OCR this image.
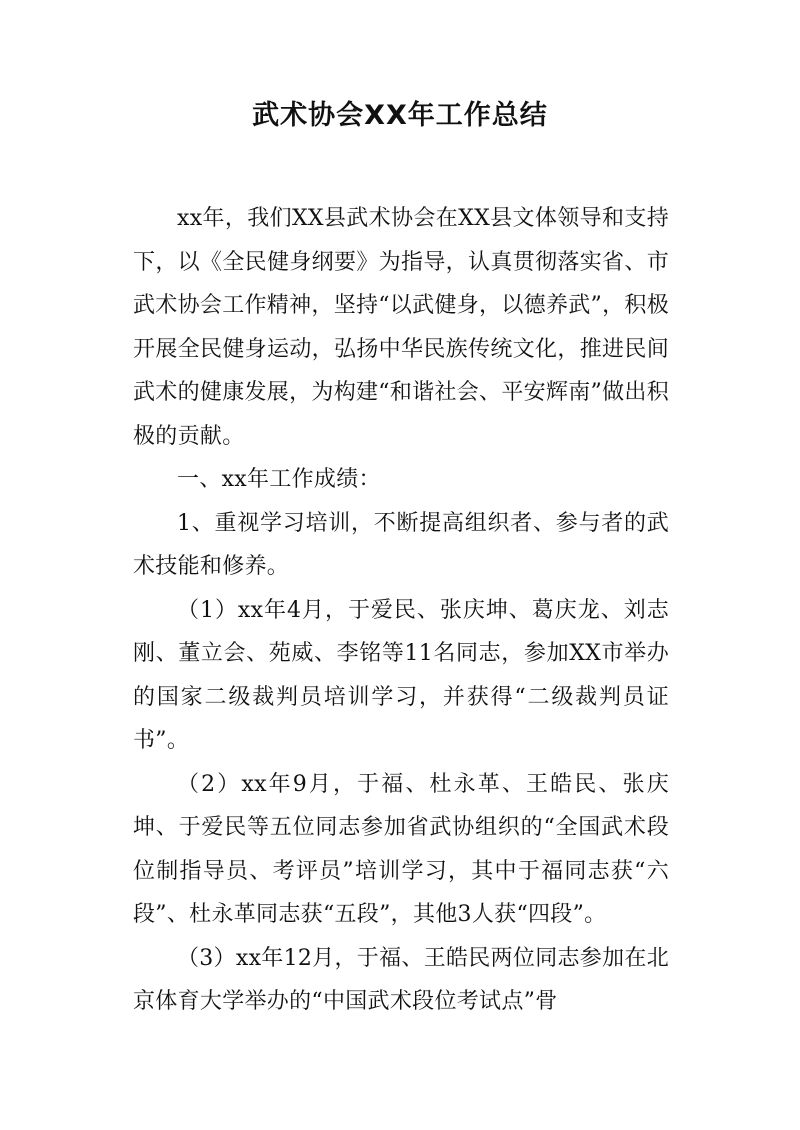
武术协会XX年工作总结

xx年，我们XX县武术协会在XX县文体领导和支持下，以《全民健身纲要》为指导，认真贯彻落实省、市武术协会工作精神，坚持“以武健身，以德养武”，积极开展全民健身运动，弘扬中华民族传统文化，推进民间武术的健康发展，为构建“和谐社会、平安辉南”做出积极的贡献。

一、xx年工作成绩：

1、重视学习培训，不断提高组织者、参与者的武术技能和修养。

（1）xx年4月，于爱民、张庆坤、葛庆龙、刘志刚、董立会、苑威、李铭等11名同志，参加XX市举办的国家二级裁判员培训学习，并获得“二级裁判员证书”。

（2）xx年9月，于福、杜永革、王皓民、张庆坤、于爱民等五位同志参加省武协组织的“全国武术段位制指导员、考评员”培训学习，其中于福同志获“六段”、杜永革同志获“五段”，其他3人获“四段”。

（3）xx年12月，于福、王皓民两位同志参加在北京体育大学举办的“中国武术段位考试点”骨
